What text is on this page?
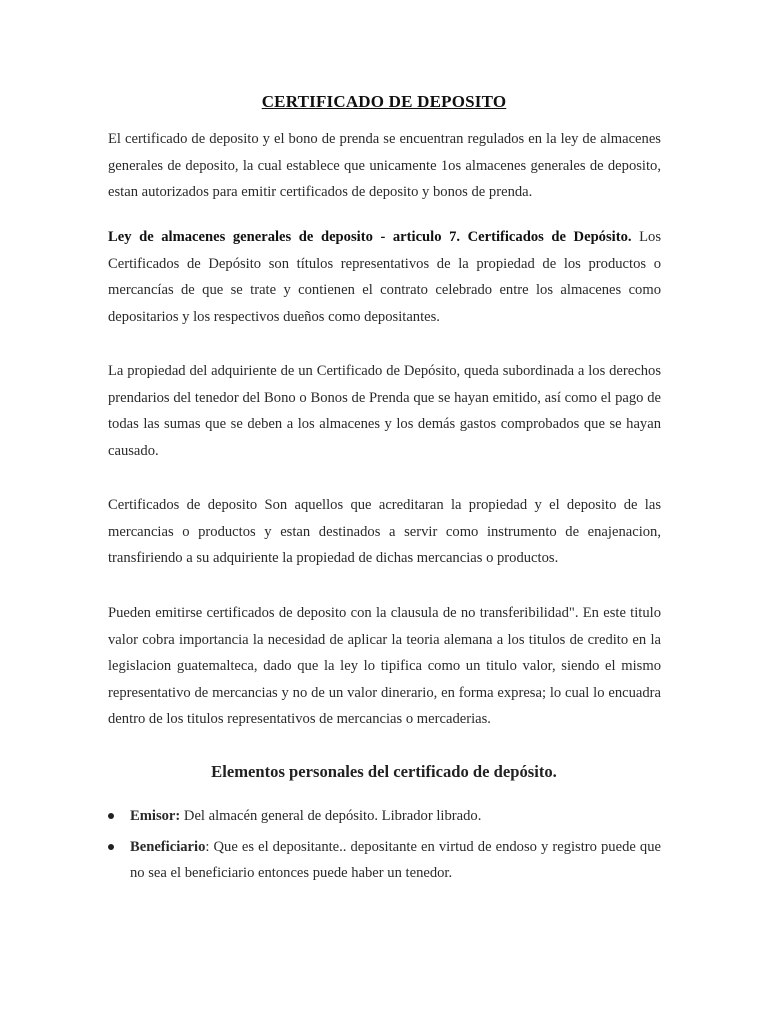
CERTIFICADO DE DEPOSITO

El certificado de deposito y el bono de prenda se encuentran regulados en la ley de almacenes generales de deposito, la cual establece que unicamente 1os almacenes generales de deposito, estan autorizados para emitir certificados de deposito y bonos de prenda.

Ley de almacenes generales de deposito - articulo 7. Certificados de Depósito. Los Certificados de Depósito son títulos representativos de la propiedad de los productos o mercancías de que se trate y contienen el contrato celebrado entre los almacenes como depositarios y los respectivos dueños como depositantes.

La propiedad del adquiriente de un Certificado de Depósito, queda subordinada a los derechos prendarios del tenedor del Bono o Bonos de Prenda que se hayan emitido, así como el pago de todas las sumas que se deben a los almacenes y los demás gastos comprobados que se hayan causado.

Certificados de deposito Son aquellos que acreditaran la propiedad y el deposito de las mercancias o productos y estan destinados a servir como instrumento de enajenacion, transfiriendo a su adquiriente la propiedad de dichas mercancias o productos.

Pueden emitirse certificados de deposito con la clausula de no transferibilidad". En este titulo valor cobra importancia la necesidad de aplicar la teoria alemana a los titulos de credito en la legislacion guatemalteca, dado que la ley lo tipifica como un titulo valor, siendo el mismo representativo de mercancias y no de un valor dinerario, en forma expresa; lo cual lo encuadra dentro de los titulos representativos de mercancias o mercaderias.

Elementos personales del certificado de depósito.
Emisor: Del almacén general de depósito. Librador librado.
Beneficiario: Que es el depositante.. depositante en virtud de endoso y registro puede que no sea el beneficiario entonces puede haber un tenedor.
